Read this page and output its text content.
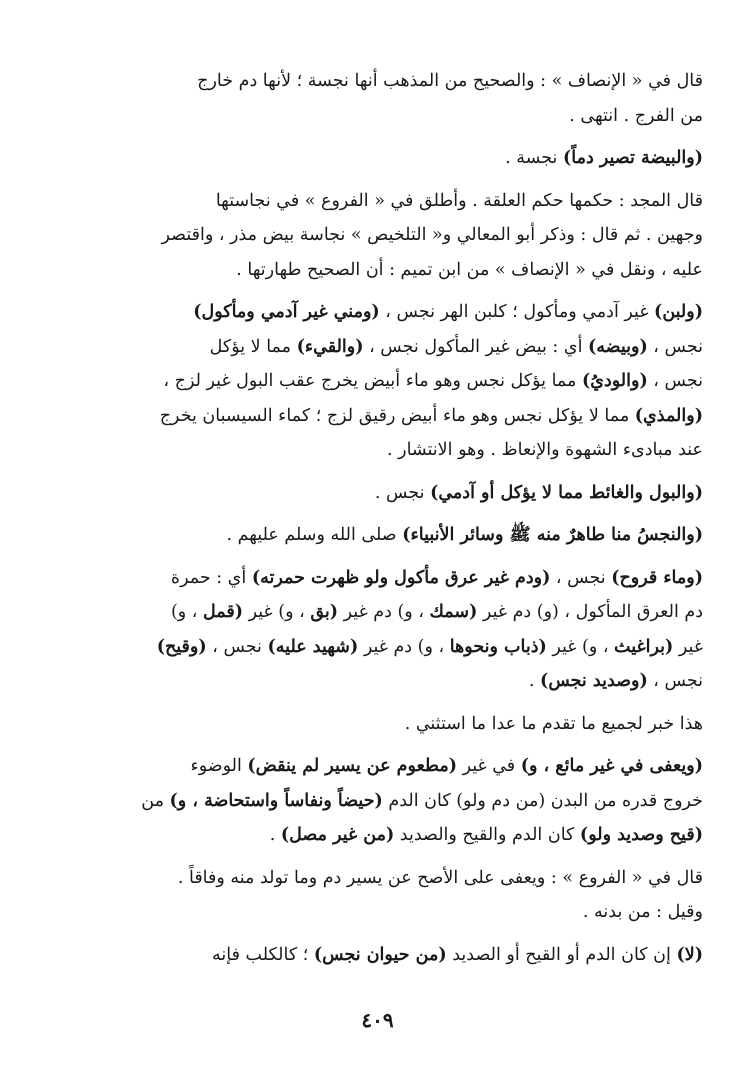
قال في « الإنصاف » : والصحيح من المذهب أنها نجسة ؛ لأنها دم خارج
من الفرج . انتهى .
(والبيضة تصير دماً) نجسة .
قال المجد : حكمها حكم العلقة . وأطلق في « الفروع » في نجاستها
وجهين . ثم قال : وذكر أبو المعالي و« التلخيص » نجاسة بيض مذر ، واقتصر
عليه ، ونقل في « الإنصاف » من ابن تميم : أن الصحيح طهارتها .
(ولبن) غير آدمي ومأكول ؛ كلبن الهر نجس ، (ومني غير آدمي ومأكول)
نجس ، (وبيضه) أي : بيض غير المأكول نجس ، (والقيء) مما لا يؤكل
نجس ، (والوديُ) مما يؤكل نجس وهو ماء أبيض يخرج عقب البول غير لزج ،
(والمذي) مما لا يؤكل نجس وهو ماء أبيض رقيق لزج ؛ كماء السيسبان يخرج
عند مبادىء الشهوة والإنعاظ . وهو الانتشار .
(والبول والغائط مما لا يؤكل أو آدمي) نجس .
(والنجسُ منا طاهرٌ منه ﷺ وسائر الأنبياء) صلى الله وسلم عليهم .
(وماء قروح) نجس ، (ودم غير عرق مأكول ولو ظهرت حمرته) أي : حمرة
دم العرق المأكول ، (و) دم غير (سمك ، و) دم غير (بق ، و) غير (قمل ، و)
غير (براغيث ، و) غير (ذباب ونحوها ، و) دم غير (شهيد عليه) نجس ، (وقيح)
نجس ، (وصديد نجس) .
هذا خبر لجميع ما تقدم ما عدا ما استثني .
(ويعفى في غير مائع ، و) في غير (مطعوم عن يسير لم ينقض) الوضوء
خروج قدره من البدن (من دم ولو) كان الدم (حيضاً ونفاساً واستحاضة ، و) من
(قيح وصديد ولو) كان الدم والقيح والصديد (من غير مصل) .
قال في « الفروع » : ويعفى على الأصح عن يسير دم وما تولد منه وفاقاً .
وقيل : من بدنه .
(لا) إن كان الدم أو القيح أو الصديد (من حيوان نجس) ؛ كالكلب فإنه
٤٠٩
